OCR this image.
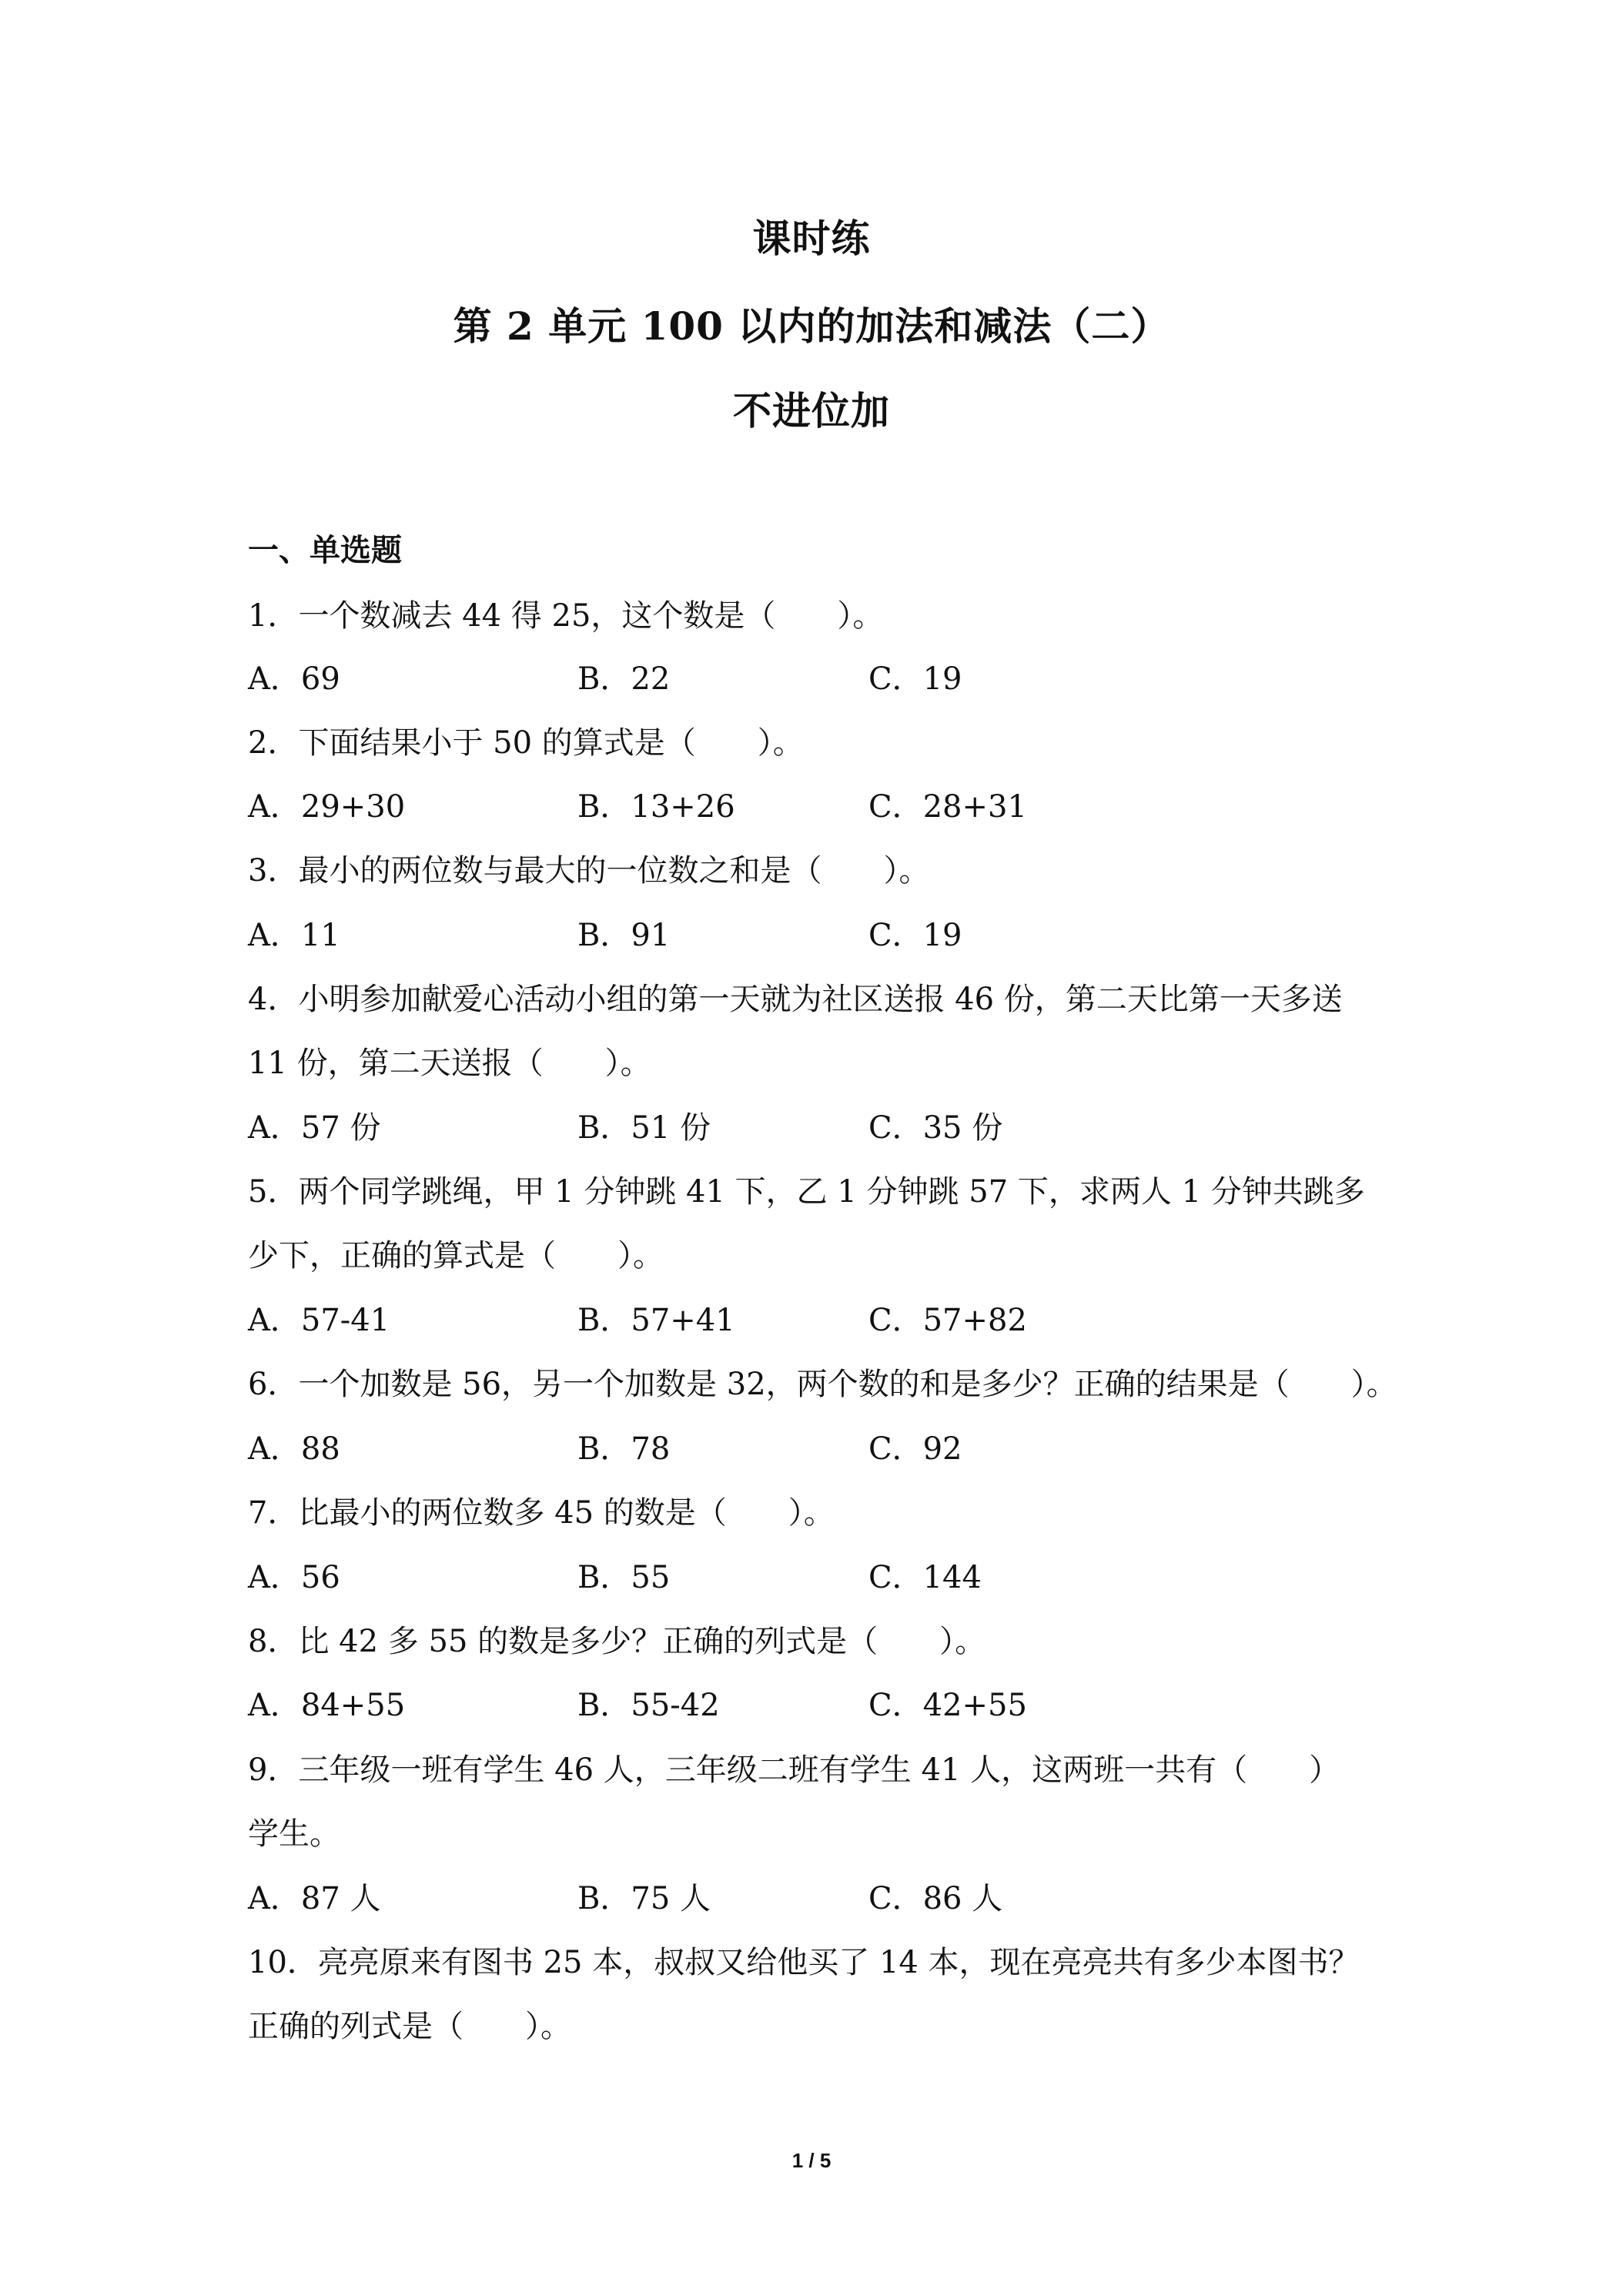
课时练
第 2 单元 100 以内的加法和减法（二）
不进位加
一、单选题
1．一个数减去 44 得 25，这个数是（　　）。
A．69	B．22	C．19
2．下面结果小于 50 的算式是（　　）。
A．29+30	B．13+26	C．28+31
3．最小的两位数与最大的一位数之和是（　　）。
A．11	B．91	C．19
4．小明参加献爱心活动小组的第一天就为社区送报 46 份，第二天比第一天多送
11 份，第二天送报（　　）。
A．57 份	B．51 份	C．35 份
5．两个同学跳绳，甲 1 分钟跳 41 下，乙 1 分钟跳 57 下，求两人 1 分钟共跳多
少下，正确的算式是（　　）。
A．57-41	B．57+41	C．57+82
6．一个加数是 56，另一个加数是 32，两个数的和是多少？正确的结果是（　　）。
A．88	B．78	C．92
7．比最小的两位数多 45 的数是（　　）。
A．56	B．55	C．144
8．比 42 多 55 的数是多少？正确的列式是（　　）。
A．84+55	B．55-42	C．42+55
9．三年级一班有学生 46 人，三年级二班有学生 41 人，这两班一共有（　　）
学生。
A．87 人	B．75 人	C．86 人
10．亮亮原来有图书 25 本，叔叔又给他买了 14 本，现在亮亮共有多少本图书？
正确的列式是（　　）。
1 / 5
